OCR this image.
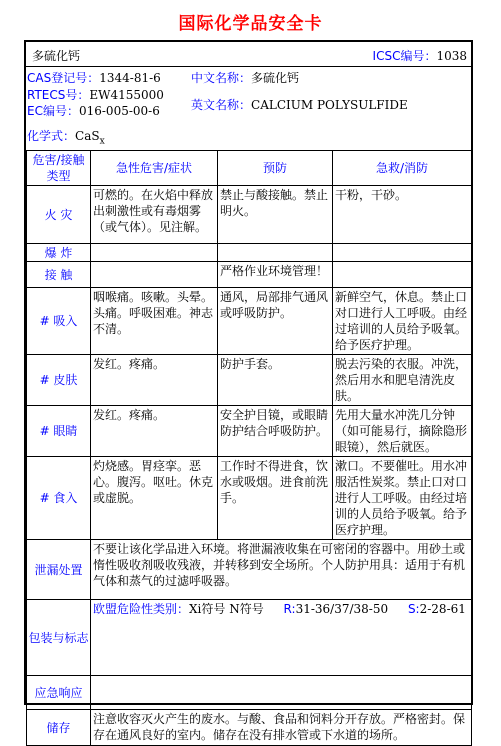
国际化学品安全卡
多硫化钙	ICSC编号：1038
CAS登记号：1344-81-6
RTECS号：EW4155000
EC编号：016-005-00-6
中文名称：多硫化钙
英文名称：CALCIUM POLYSULFIDE
化学式：CaS$_x$
危害/接触类型	急性危害/症状	预防	急救/消防
火 灾	可燃的。在火焰中释放出刺激性或有毒烟雾（或气体）。见注解。	禁止与酸接触。禁止明火。	干粉，干砂。
爆 炸			
接 触		严格作业环境管理！	
# 吸入	咽喉痛。咳嗽。头晕。头痛。呼吸困难。神志不清。	通风，局部排气通风或呼吸防护。	新鲜空气，休息。禁止口对口进行人工呼吸。由经过培训的人员给予吸氧。给予医疗护理。
# 皮肤	发红。疼痛。	防护手套。	脱去污染的衣服。冲洗，然后用水和肥皂清洗皮肤。
# 眼睛	发红。疼痛。	安全护目镜，或眼睛防护结合呼吸防护。	先用大量水冲洗几分钟（如可能易行，摘除隐形眼镜），然后就医。
# 食入	灼烧感。胃痉挛。恶心。腹泻。呕吐。休克或虚脱。	工作时不得进食，饮水或吸烟。进食前洗手。	漱口。不要催吐。用水冲服活性炭浆。禁止口对口进行人工呼吸。由经过培训的人员给予吸氧。给予医疗护理。
泄漏处置	不要让该化学品进入环境。将泄漏液收集在可密闭的容器中。用砂土或惰性吸收剂吸收残液，并转移到安全场所。个人防护用具：适用于有机气体和蒸气的过滤呼吸器。		
包装与标志	欧盟危险性类别：Xi符号 N符号 R:31-36/37/38-50 S:2-28-61		
应急响应			
储存	注意收容灭火产生的废水。与酸、食品和饲料分开存放。严格密封。保存在通风良好的室内。储存在没有排水管或下水道的场所。		
